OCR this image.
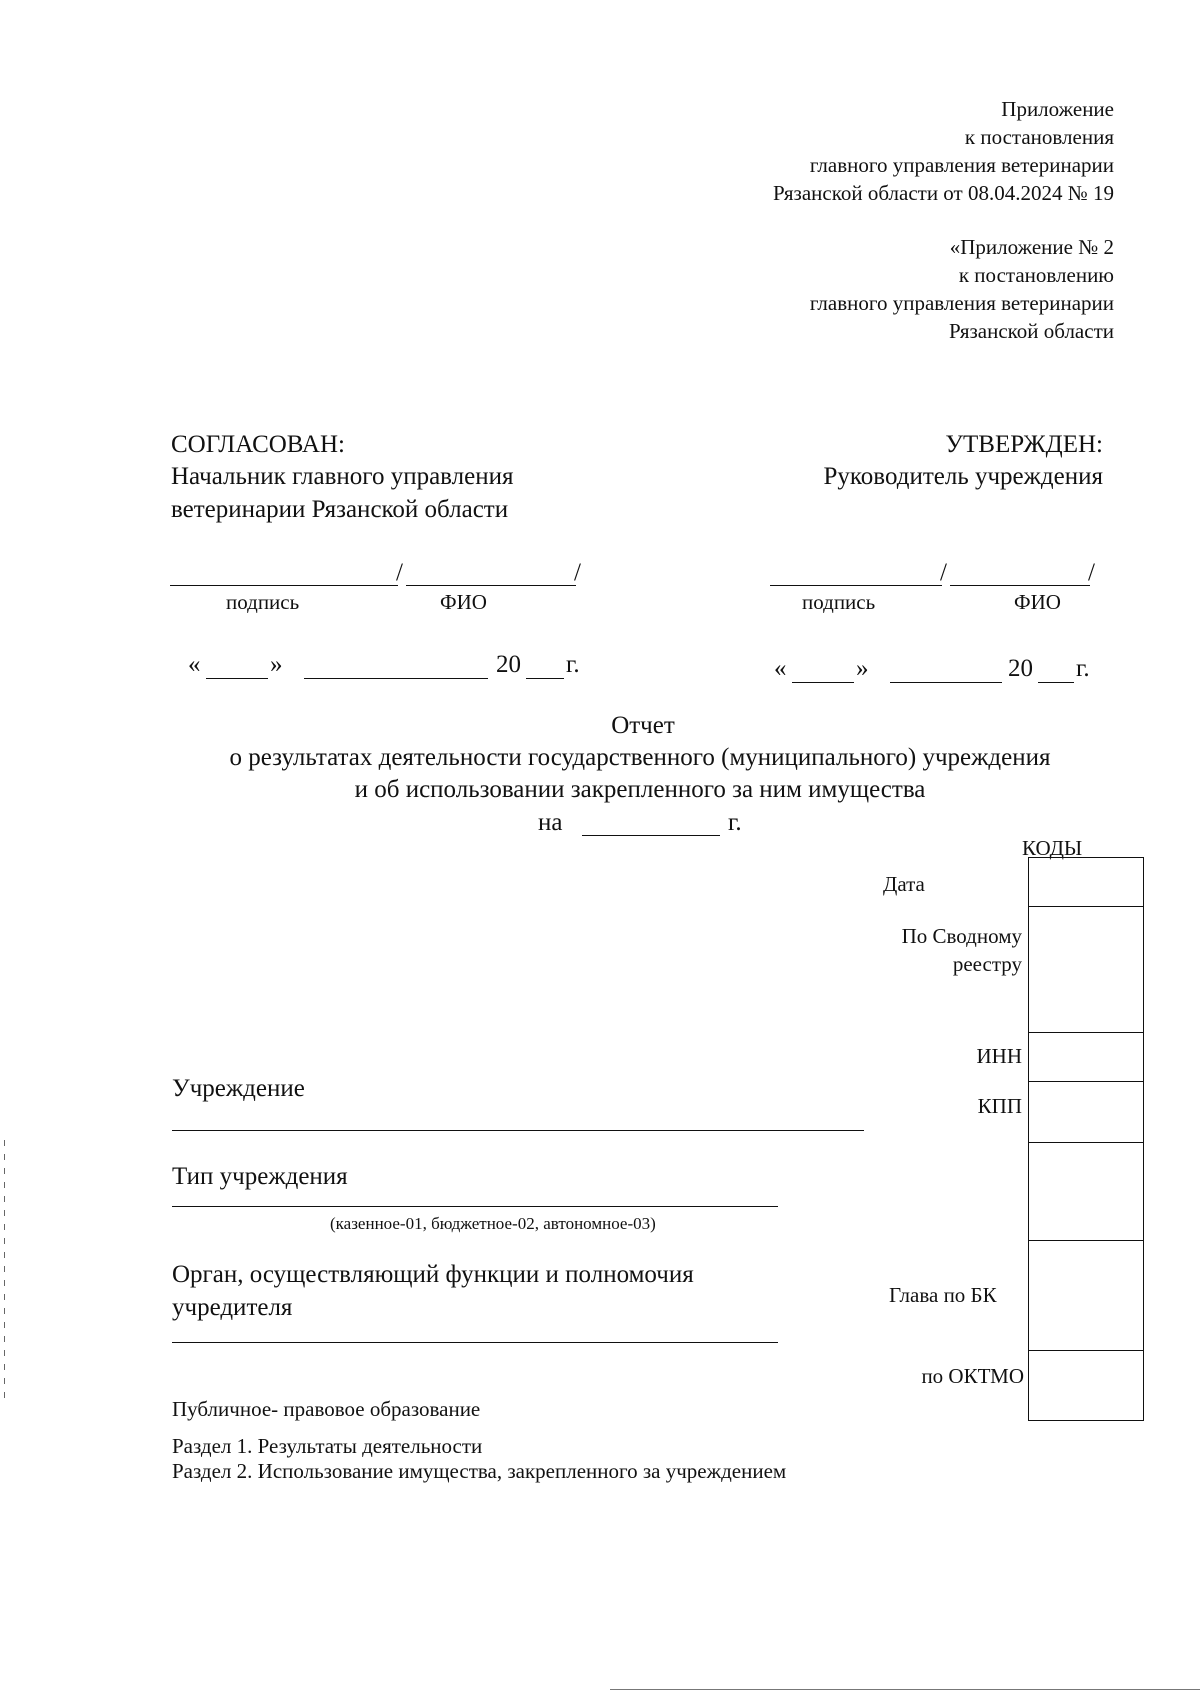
Приложение
к постановления
главного управления ветеринарии
Рязанской области от 08.04.2024 № 19
«Приложение № 2
к постановлению
главного управления ветеринарии
Рязанской области
СОГЛАСОВАН:
Начальник главного управления
ветеринарии Рязанской области
/	/
подпись	ФИО
«	»	20 г.
УТВЕРЖДЕН:
Руководитель учреждения
/	/
подпись	ФИО
«	»	20 г.
Отчет
о результатах деятельности государственного (муниципального) учреждения
и об использовании закрепленного за ним имущества
на	г.
КОДЫ
Дата
По Сводному
реестру
ИНН
КПП
Глава по БК
по ОКТМО
Учреждение
Тип учреждения
(казенное-01, бюджетное-02, автономное-03)
Орган, осуществляющий функции и полномочия
учредителя
Публичное- правовое образование
Раздел 1. Результаты деятельности
Раздел 2. Использование имущества, закрепленного за учреждением
